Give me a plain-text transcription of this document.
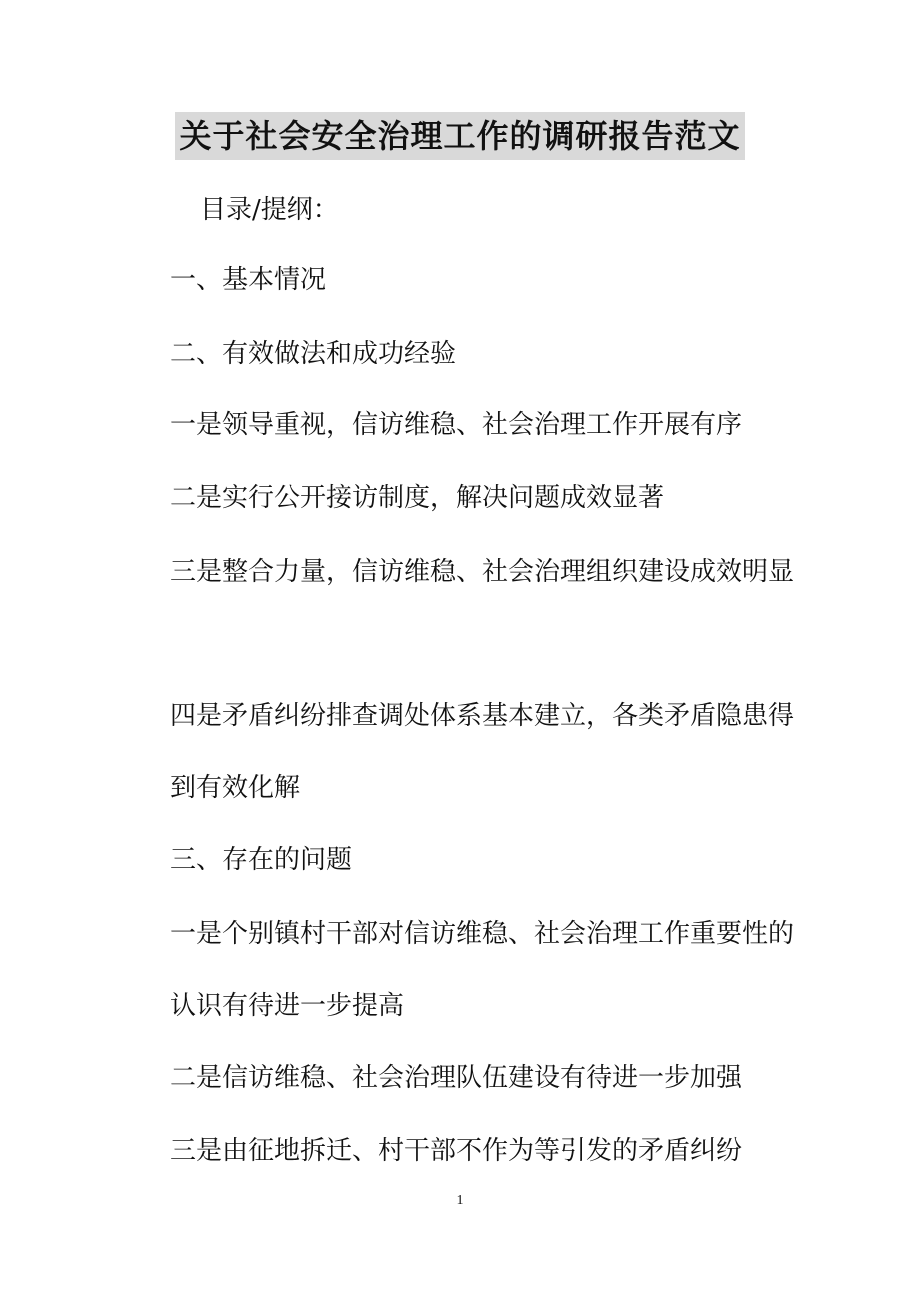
关于社会安全治理工作的调研报告范文

目录/提纲：

一、基本情况

二、有效做法和成功经验

一是领导重视，信访维稳、社会治理工作开展有序

二是实行公开接访制度，解决问题成效显著

三是整合力量，信访维稳、社会治理组织建设成效明显

四是矛盾纠纷排查调处体系基本建立，各类矛盾隐患得到有效化解

三、存在的问题

一是个别镇村干部对信访维稳、社会治理工作重要性的认识有待进一步提高

二是信访维稳、社会治理队伍建设有待进一步加强

三是由征地拆迁、村干部不作为等引发的矛盾纠纷

1
